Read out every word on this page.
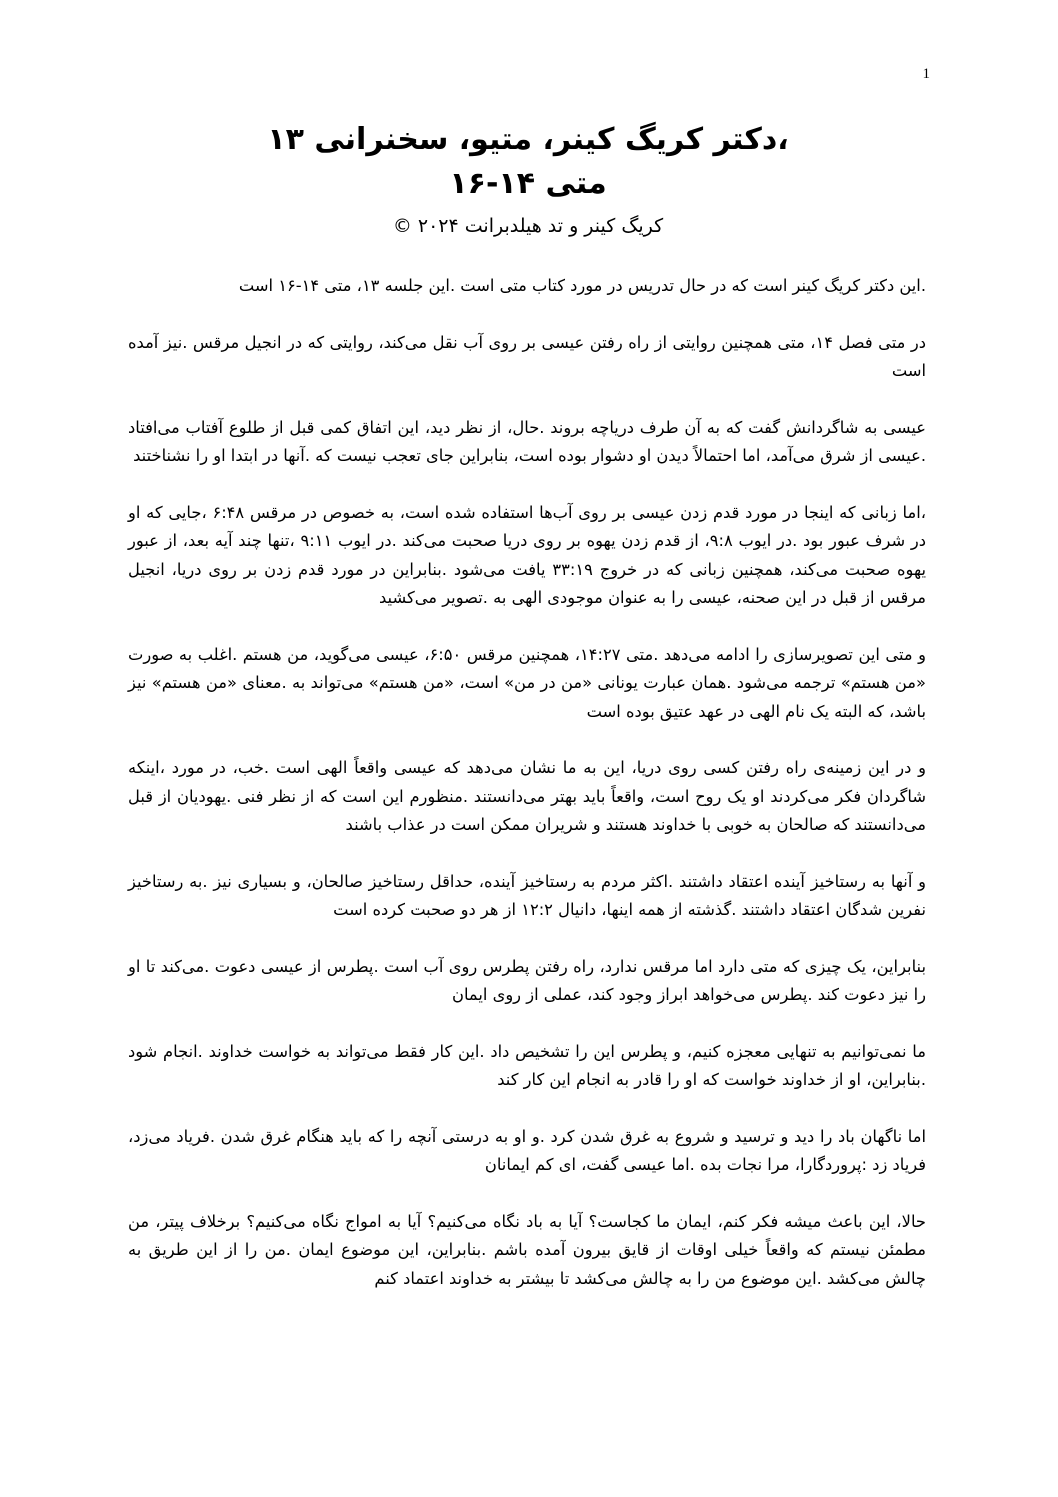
1
،دکتر کریگ کینر، متیو، سخنرانی ۱۳
متی ۱۴-۱۶
کریگ کینر و تد هیلدبرانت ۲۰۲۴ ©

.این دکتر کریگ کینر است که در حال تدریس در مورد کتاب متی است .این جلسه ۱۳، متی ۱۴-۱۶ است

در متی فصل ۱۴، متی همچنین روایتی از راه رفتن عیسی بر روی آب نقل می‌کند، روایتی که در انجیل مرقس .نیز آمده است

عیسی به شاگردانش گفت که به آن طرف دریاچه بروند .حال، از نظر دید، این اتفاق کمی قبل از طلوع آفتاب می‌افتاد .عیسی از شرق می‌آمد، اما احتمالاً دیدن او دشوار بوده است، بنابراین جای تعجب نیست که .آنها در ابتدا او را نشناختند

،اما زبانی که اینجا در مورد قدم زدن عیسی بر روی آب‌ها استفاده شده است، به خصوص در مرقس ۶:۴۸ ،جایی که او در شرف عبور بود .در ایوب ۹:۸، از قدم زدن یهوه بر روی دریا صحبت می‌کند .در ایوب ۹:۱۱ ،تنها چند آیه بعد، از عبور یهوه صحبت می‌کند، همچنین زبانی که در خروج ۳۳:۱۹ یافت می‌شود .بنابراین در مورد قدم زدن بر روی دریا، انجیل مرقس از قبل در این صحنه، عیسی را به عنوان موجودی الهی به .تصویر می‌کشید

و متی این تصویرسازی را ادامه می‌دهد .متی ۱۴:۲۷، همچنین مرقس ۶:۵۰، عیسی می‌گوید، من هستم .اغلب به صورت «من هستم» ترجمه می‌شود .همان عبارت یونانی «من در من» است، «من هستم» می‌تواند به .معنای «من هستم» نیز باشد، که البته یک نام الهی در عهد عتیق بوده است

و در این زمینه‌ی راه رفتن کسی روی دریا، این به ما نشان می‌دهد که عیسی واقعاً الهی است .خب، در مورد ،اینکه شاگردان فکر می‌کردند او یک روح است، واقعاً باید بهتر می‌دانستند .منظورم این است که از نظر فنی .یهودیان از قبل می‌دانستند که صالحان به خوبی با خداوند هستند و شریران ممکن است در عذاب باشند

و آنها به رستاخیز آینده اعتقاد داشتند .اکثر مردم به رستاخیز آینده، حداقل رستاخیز صالحان، و بسیاری نیز .به رستاخیز نفرین شدگان اعتقاد داشتند .گذشته از همه اینها، دانیال ۱۲:۲ از هر دو صحبت کرده است

بنابراین، یک چیزی که متی دارد اما مرقس ندارد، راه رفتن پطرس روی آب است .پطرس از عیسی دعوت .می‌کند تا او را نیز دعوت کند .پطرس می‌خواهد ابراز وجود کند، عملی از روی ایمان

ما نمی‌توانیم به تنهایی معجزه کنیم، و پطرس این را تشخیص داد .این کار فقط می‌تواند به خواست خداوند .انجام شود .بنابراین، او از خداوند خواست که او را قادر به انجام این کار کند

اما ناگهان باد را دید و ترسید و شروع به غرق شدن کرد .و او به درستی آنچه را که باید هنگام غرق شدن .فریاد می‌زد، فریاد زد :پروردگارا، مرا نجات بده .اما عیسی گفت، ای کم ایمانان

حالا، این باعث میشه فکر کنم، ایمان ما کجاست؟ آیا به باد نگاه می‌کنیم؟ آیا به امواج نگاه می‌کنیم؟ برخلاف پیتر، من مطمئن نیستم که واقعاً خیلی اوقات از قایق بیرون آمده باشم .بنابراین، این موضوع ایمان .من را از این طریق به چالش می‌کشد .این موضوع من را به چالش می‌کشد تا بیشتر به خداوند اعتماد کنم
